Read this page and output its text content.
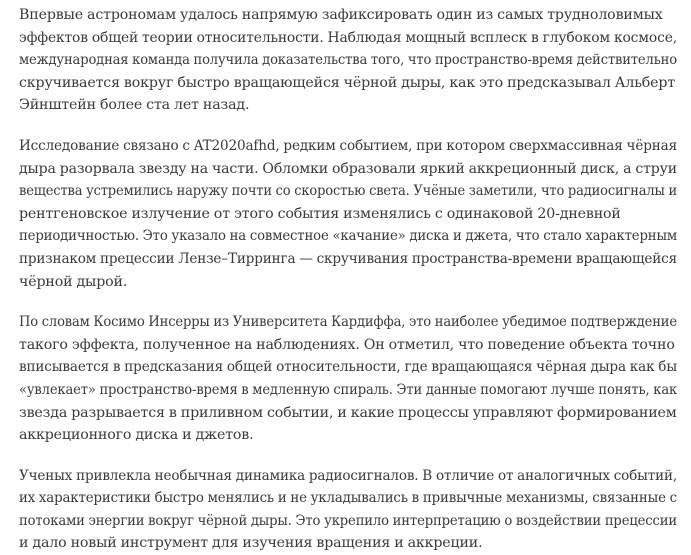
Впервые астрономам удалось напрямую зафиксировать один из самых трудноловимых
эффектов общей теории относительности. Наблюдая мощный всплеск в глубоком космосе,
международная команда получила доказательства того, что пространство-время действительно
скручивается вокруг быстро вращающейся чёрной дыры, как это предсказывал Альберт
Эйнштейн более ста лет назад.

Исследование связано с AT2020afhd, редким событием, при котором сверхмассивная чёрная
дыра разорвала звезду на части. Обломки образовали яркий аккреционный диск, а струи
вещества устремились наружу почти со скоростью света. Учёные заметили, что радиосигналы и
рентгеновское излучение от этого события изменялись с одинаковой 20-дневной
периодичностью. Это указало на совместное «качание» диска и джета, что стало характерным
признаком прецессии Лензе–Тирринга — скручивания пространства-времени вращающейся
чёрной дырой.

По словам Косимо Инсерры из Университета Кардиффа, это наиболее убедимое подтверждение
такого эффекта, полученное на наблюдениях. Он отметил, что поведение объекта точно
вписывается в предсказания общей относительности, где вращающаяся чёрная дыра как бы
«увлекает» пространство-время в медленную спираль. Эти данные помогают лучше понять, как
звезда разрывается в приливном событии, и какие процессы управляют формированием
аккреционного диска и джетов.

Ученых привлекла необычная динамика радиосигналов. В отличие от аналогичных событий,
их характеристики быстро менялись и не укладывались в привычные механизмы, связанные с
потоками энергии вокруг чёрной дыры. Это укрепило интерпретацию о воздействии прецессии
и дало новый инструмент для изучения вращения и аккреции.
